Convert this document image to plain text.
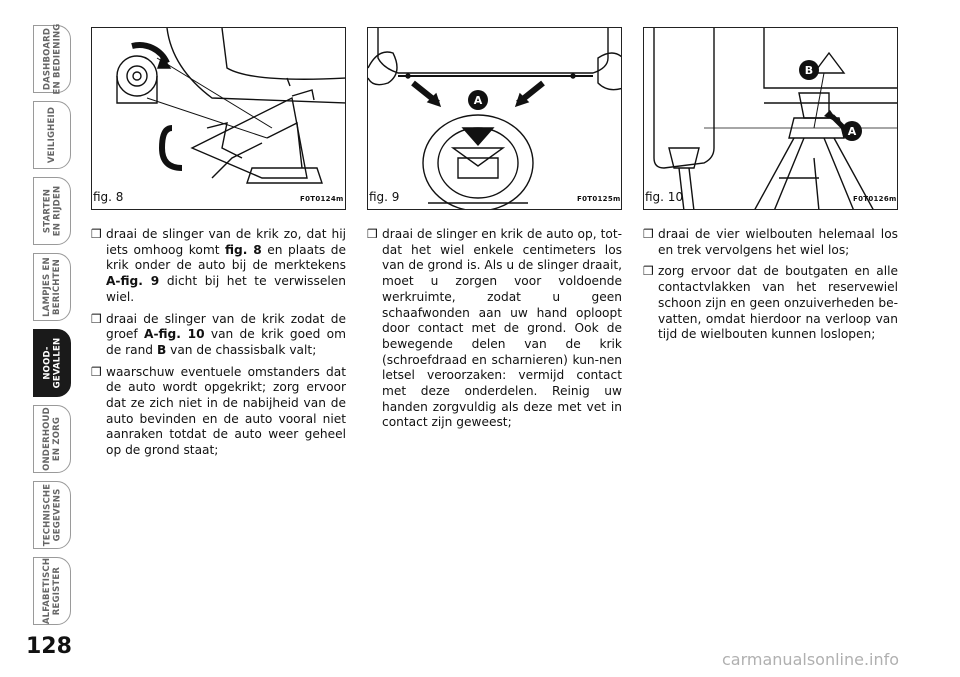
DASHBOARD
EN BEDIENING
VEILIGHEID
STARTEN
EN RIJDEN
LAMPJES EN
BERICHTEN
NOOD-
GEVALLEN
ONDERHOUD
EN ZORG
TECHNISCHE
GEGEVENS
ALFABETISCH
REGISTER
128
fig. 8	F0T0124m
A
fig. 9	F0T0125m
B
A
fig. 10	F0T0126m
❒ draai de slinger van de krik zo, dat hij iets omhoog komt fig. 8 en plaats de krik onder de auto bij de merktekens A-fig. 9 dicht bij het te verwisselen wiel.
❒ draai de slinger van de krik zodat de groef A-fig. 10 van de krik goed om de rand B van de chassisbalk valt;
❒ waarschuw eventuele omstanders dat de auto wordt opgekrikt; zorg ervoor dat ze zich niet in de nabijheid van de auto bevinden en de auto vooral niet aanraken totdat de auto weer geheel op de grond staat;
❒ draai de slinger en krik de auto op, tot-dat het wiel enkele centimeters los van de grond is. Als u de slinger draait, moet u zorgen voor voldoende werkruimte, zodat u geen schaafwonden aan uw hand oploopt door contact met de grond. Ook de bewegende delen van de krik (schroefdraad en scharnieren) kun-nen letsel veroorzaken: vermijd contact met deze onderdelen. Reinig uw handen zorgvuldig als deze met vet in contact zijn geweest;
❒ draai de vier wielbouten helemaal los en trek vervolgens het wiel los;
❒ zorg ervoor dat de boutgaten en alle contactvlakken van het reservewiel schoon zijn en geen onzuiverheden be-vatten, omdat hierdoor na verloop van tijd de wielbouten kunnen loslopen;
carmanualsonline.info
